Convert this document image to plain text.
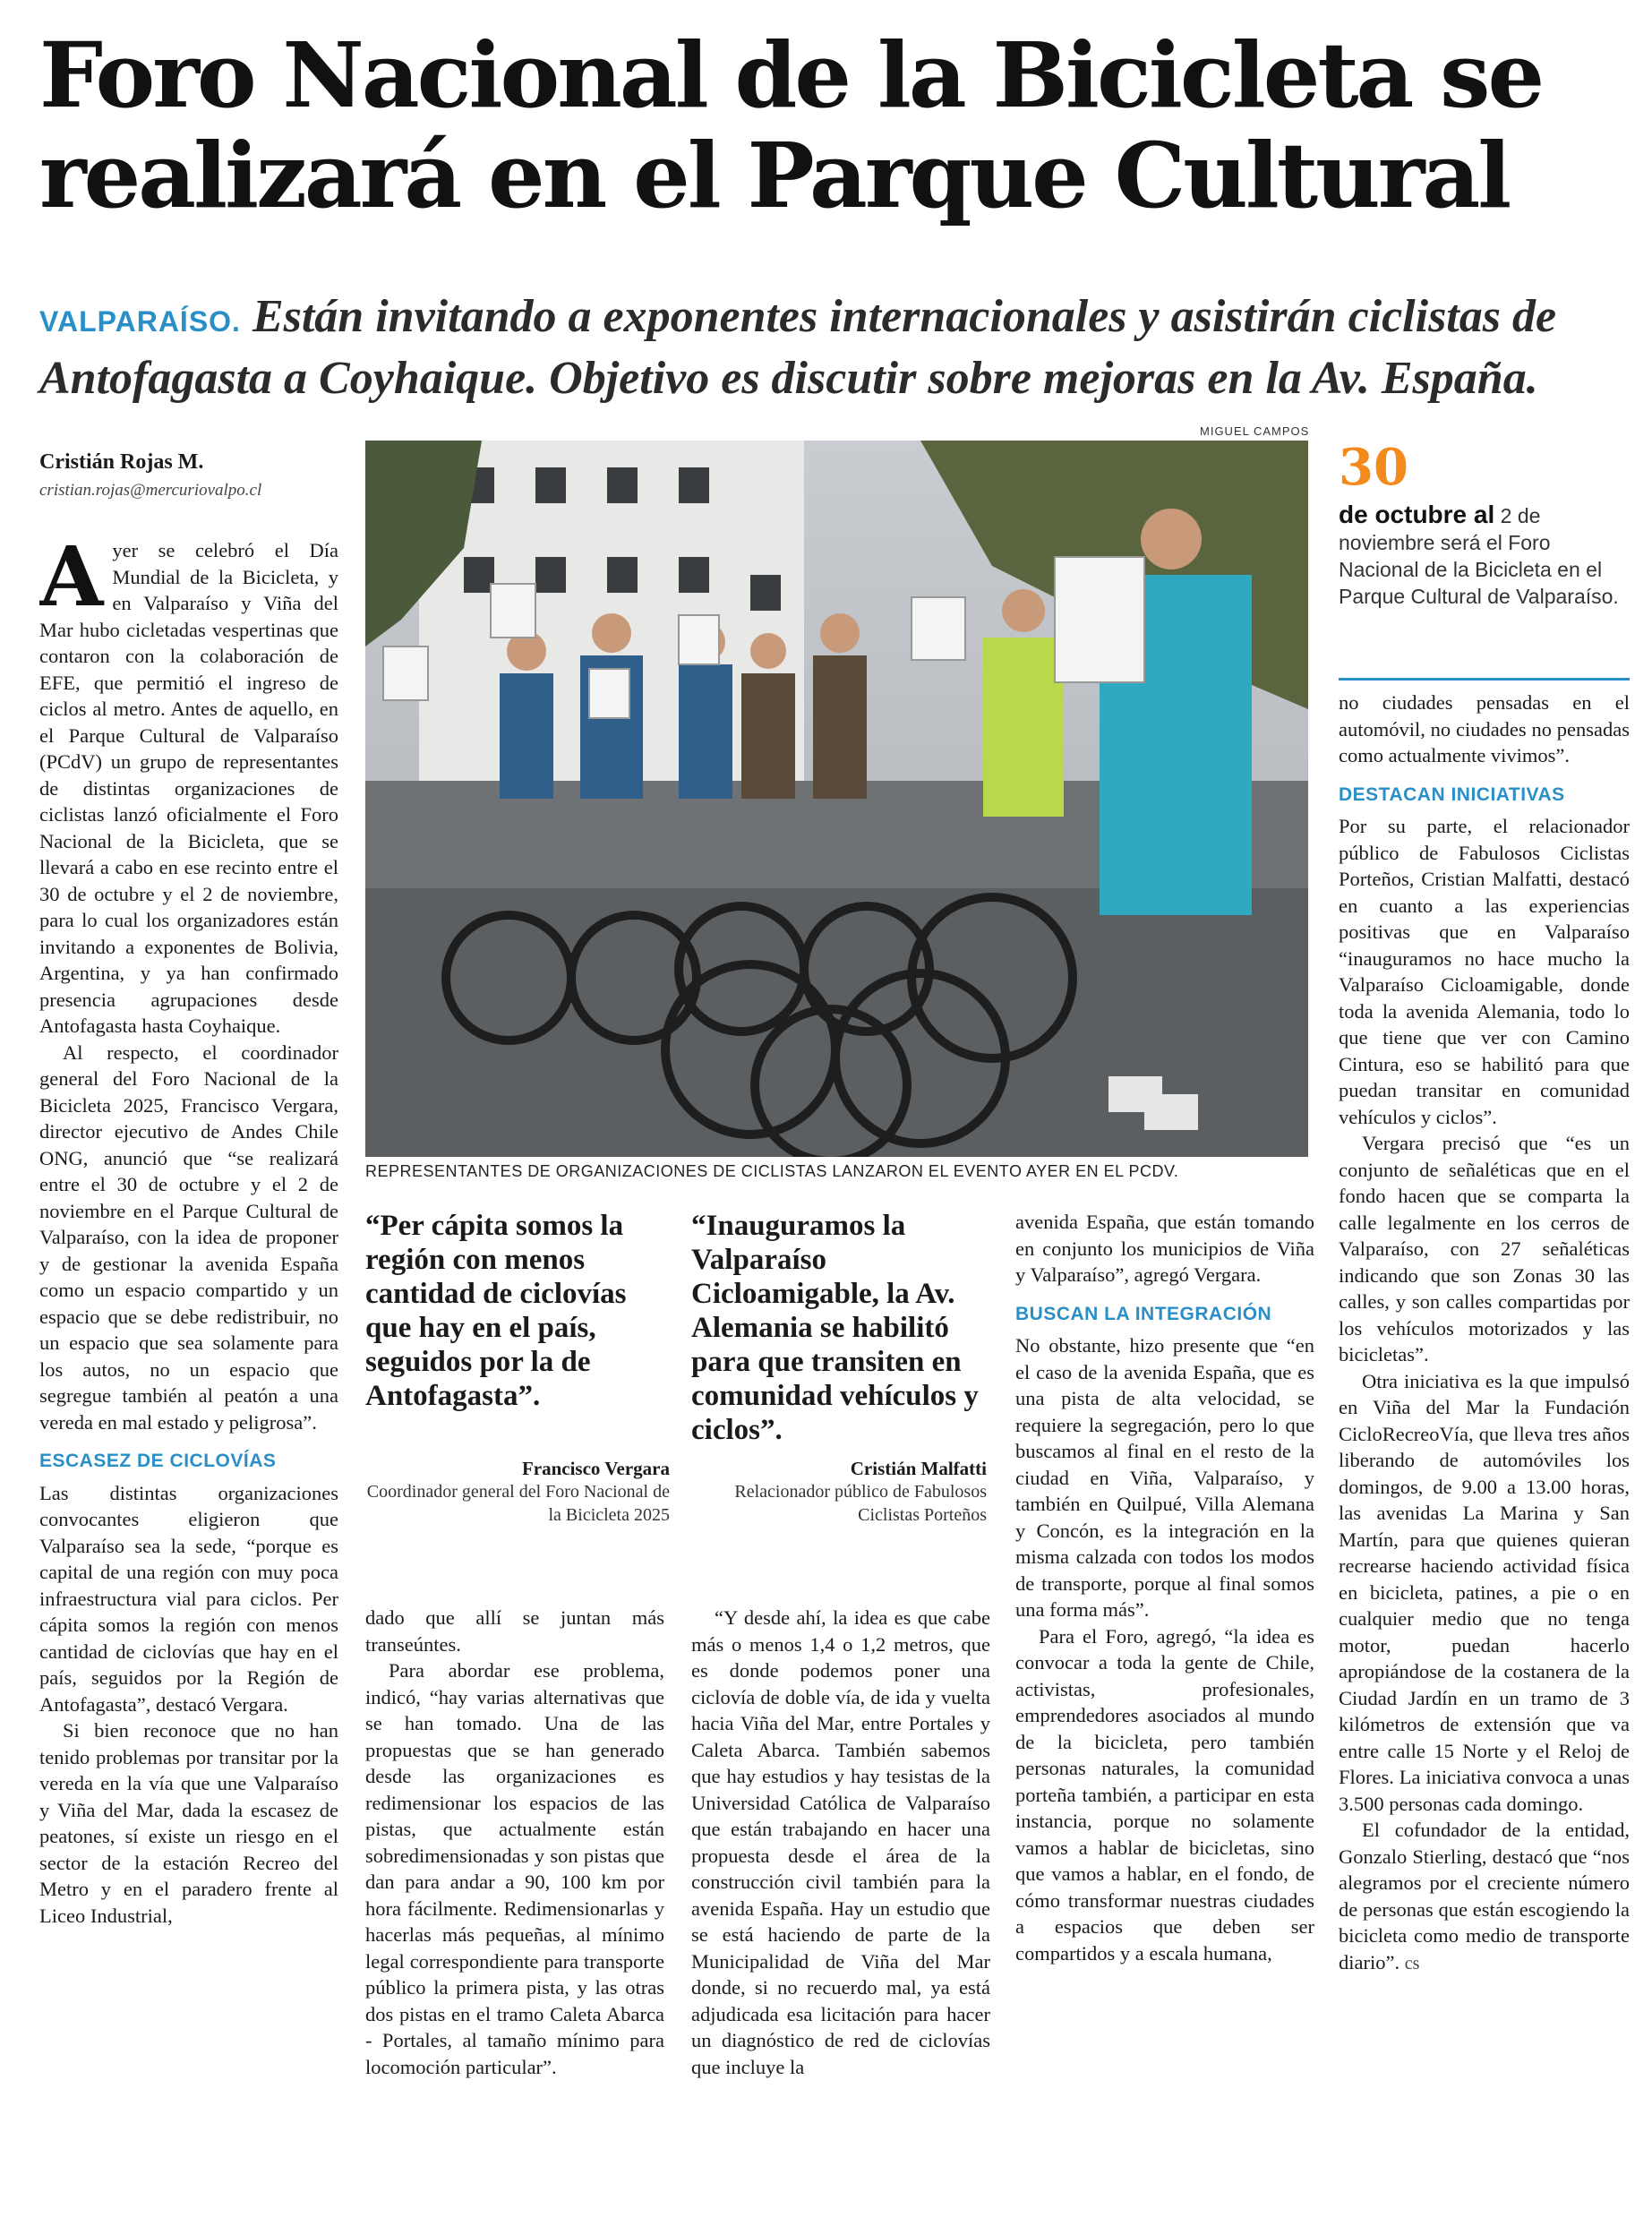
Foro Nacional de la Bicicleta se realizará en el Parque Cultural
VALPARAÍSO. Están invitando a exponentes internacionales y asistirán ciclistas de Antofagasta a Coyhaique. Objetivo es discutir sobre mejoras en la Av. España.
Cristián Rojas M.
cristian.rojas@mercuriovalpo.cl
MIGUEL CAMPOS
REPRESENTANTES DE ORGANIZACIONES DE CICLISTAS LANZARON EL EVENTO AYER EN EL PCDV.
30
de octubre al 2 de noviembre será el Foro Nacional de la Bicicleta en el Parque Cultural de Valparaíso.

Ayer se celebró el Día Mundial de la Bicicleta, y en Valparaíso y Viña del Mar hubo cicletadas vespertinas que contaron con la colaboración de EFE, que permitió el ingreso de ciclos al metro. Antes de aquello, en el Parque Cultural de Valparaíso (PCdV) un grupo de representantes de distintas organizaciones de ciclistas lanzó oficialmente el Foro Nacional de la Bicicleta, que se llevará a cabo en ese recinto entre el 30 de octubre y el 2 de noviembre, para lo cual los organizadores están invitando a exponentes de Bolivia, Argentina, y ya han confirmado presencia agrupaciones desde Antofagasta hasta Coyhaique.

Al respecto, el coordinador general del Foro Nacional de la Bicicleta 2025, Francisco Vergara, director ejecutivo de Andes Chile ONG, anunció que “se realizará entre el 30 de octubre y el 2 de noviembre en el Parque Cultural de Valparaíso, con la idea de proponer y de gestionar la avenida España como un espacio compartido y un espacio que se debe redistribuir, no un espacio que sea solamente para los autos, no un espacio que segregue también al peatón a una vereda en mal estado y peligrosa”.

ESCASEZ DE CICLOVÍAS

Las distintas organizaciones convocantes eligieron que Valparaíso sea la sede, “porque es capital de una región con muy poca infraestructura vial para ciclos. Per cápita somos la región con menos cantidad de ciclovías que hay en el país, seguidos por la Región de Antofagasta”, destacó Vergara.

Si bien reconoce que no han tenido problemas por transitar por la vereda en la vía que une Valparaíso y Viña del Mar, dada la escasez de peatones, sí existe un riesgo en el sector de la estación Recreo del Metro y en el paradero frente al Liceo Industrial,

“Per cápita somos la región con menos cantidad de ciclovías que hay en el país, seguidos por la de Antofagasta”.
Francisco Vergara
Coordinador general del Foro Nacional de la Bicicleta 2025
“Inauguramos la Valparaíso Cicloamigable, la Av. Alemania se habilitó para que transiten en comunidad vehículos y ciclos”.
Cristián Malfatti
Relacionador público de Fabulosos Ciclistas Porteños

dado que allí se juntan más transeúntes.

Para abordar ese problema, indicó, “hay varias alternativas que se han tomado. Una de las propuestas que se han generado desde las organizaciones es redimensionar los espacios de las pistas, que actualmente están sobredimensionadas y son pistas que dan para andar a 90, 100 km por hora fácilmente. Redimensionarlas y hacerlas más pequeñas, al mínimo legal correspondiente para transporte público la primera pista, y las otras dos pistas en el tramo Caleta Abarca - Portales, al tamaño mínimo para locomoción particular”.

“Y desde ahí, la idea es que cabe más o menos 1,4 o 1,2 metros, que es donde podemos poner una ciclovía de doble vía, de ida y vuelta hacia Viña del Mar, entre Portales y Caleta Abarca. También sabemos que hay estudios y hay tesistas de la Universidad Católica de Valparaíso que están trabajando en hacer una propuesta desde el área de la construcción civil también para la avenida España. Hay un estudio que se está haciendo de parte de la Municipalidad de Viña del Mar donde, si no recuerdo mal, ya está adjudicada esa licitación para hacer un diagnóstico de red de ciclovías que incluye la

avenida España, que están tomando en conjunto los municipios de Viña y Valparaíso”, agregó Vergara.

BUSCAN LA INTEGRACIÓN

No obstante, hizo presente que “en el caso de la avenida España, que es una pista de alta velocidad, se requiere la segregación, pero lo que buscamos al final en el resto de la ciudad en Viña, Valparaíso, y también en Quilpué, Villa Alemana y Concón, es la integración en la misma calzada con todos los modos de transporte, porque al final somos una forma más”.

Para el Foro, agregó, “la idea es convocar a toda la gente de Chile, activistas, profesionales, emprendedores asociados al mundo de la bicicleta, pero también personas naturales, la comunidad porteña también, a participar en esta instancia, porque no solamente vamos a hablar de bicicletas, sino que vamos a hablar, en el fondo, de cómo transformar nuestras ciudades a espacios que deben ser compartidos y a escala humana,

no ciudades pensadas en el automóvil, no ciudades no pensadas como actualmente vivimos”.

DESTACAN INICIATIVAS

Por su parte, el relacionador público de Fabulosos Ciclistas Porteños, Cristian Malfatti, destacó en cuanto a las experiencias positivas que en Valparaíso “inauguramos no hace mucho la Valparaíso Cicloamigable, donde toda la avenida Alemania, todo lo que tiene que ver con Camino Cintura, eso se habilitó para que puedan transitar en comunidad vehículos y ciclos”.

Vergara precisó que “es un conjunto de señaléticas que en el fondo hacen que se comparta la calle legalmente en los cerros de Valparaíso, con 27 señaléticas indicando que son Zonas 30 las calles, y son calles compartidas por los vehículos motorizados y las bicicletas”.

Otra iniciativa es la que impulsó en Viña del Mar la Fundación CicloRecreoVía, que lleva tres años liberando de automóviles los domingos, de 9.00 a 13.00 horas, las avenidas La Marina y San Martín, para que quienes quieran recrearse haciendo actividad física en bicicleta, patines, a pie o en cualquier medio que no tenga motor, puedan hacerlo apropiándose de la costanera de la Ciudad Jardín en un tramo de 3 kilómetros de extensión que va entre calle 15 Norte y el Reloj de Flores. La iniciativa convoca a unas 3.500 personas cada domingo.

El cofundador de la entidad, Gonzalo Stierling, destacó que “nos alegramos por el creciente número de personas que están escogiendo la bicicleta como medio de transporte diario”. cs
